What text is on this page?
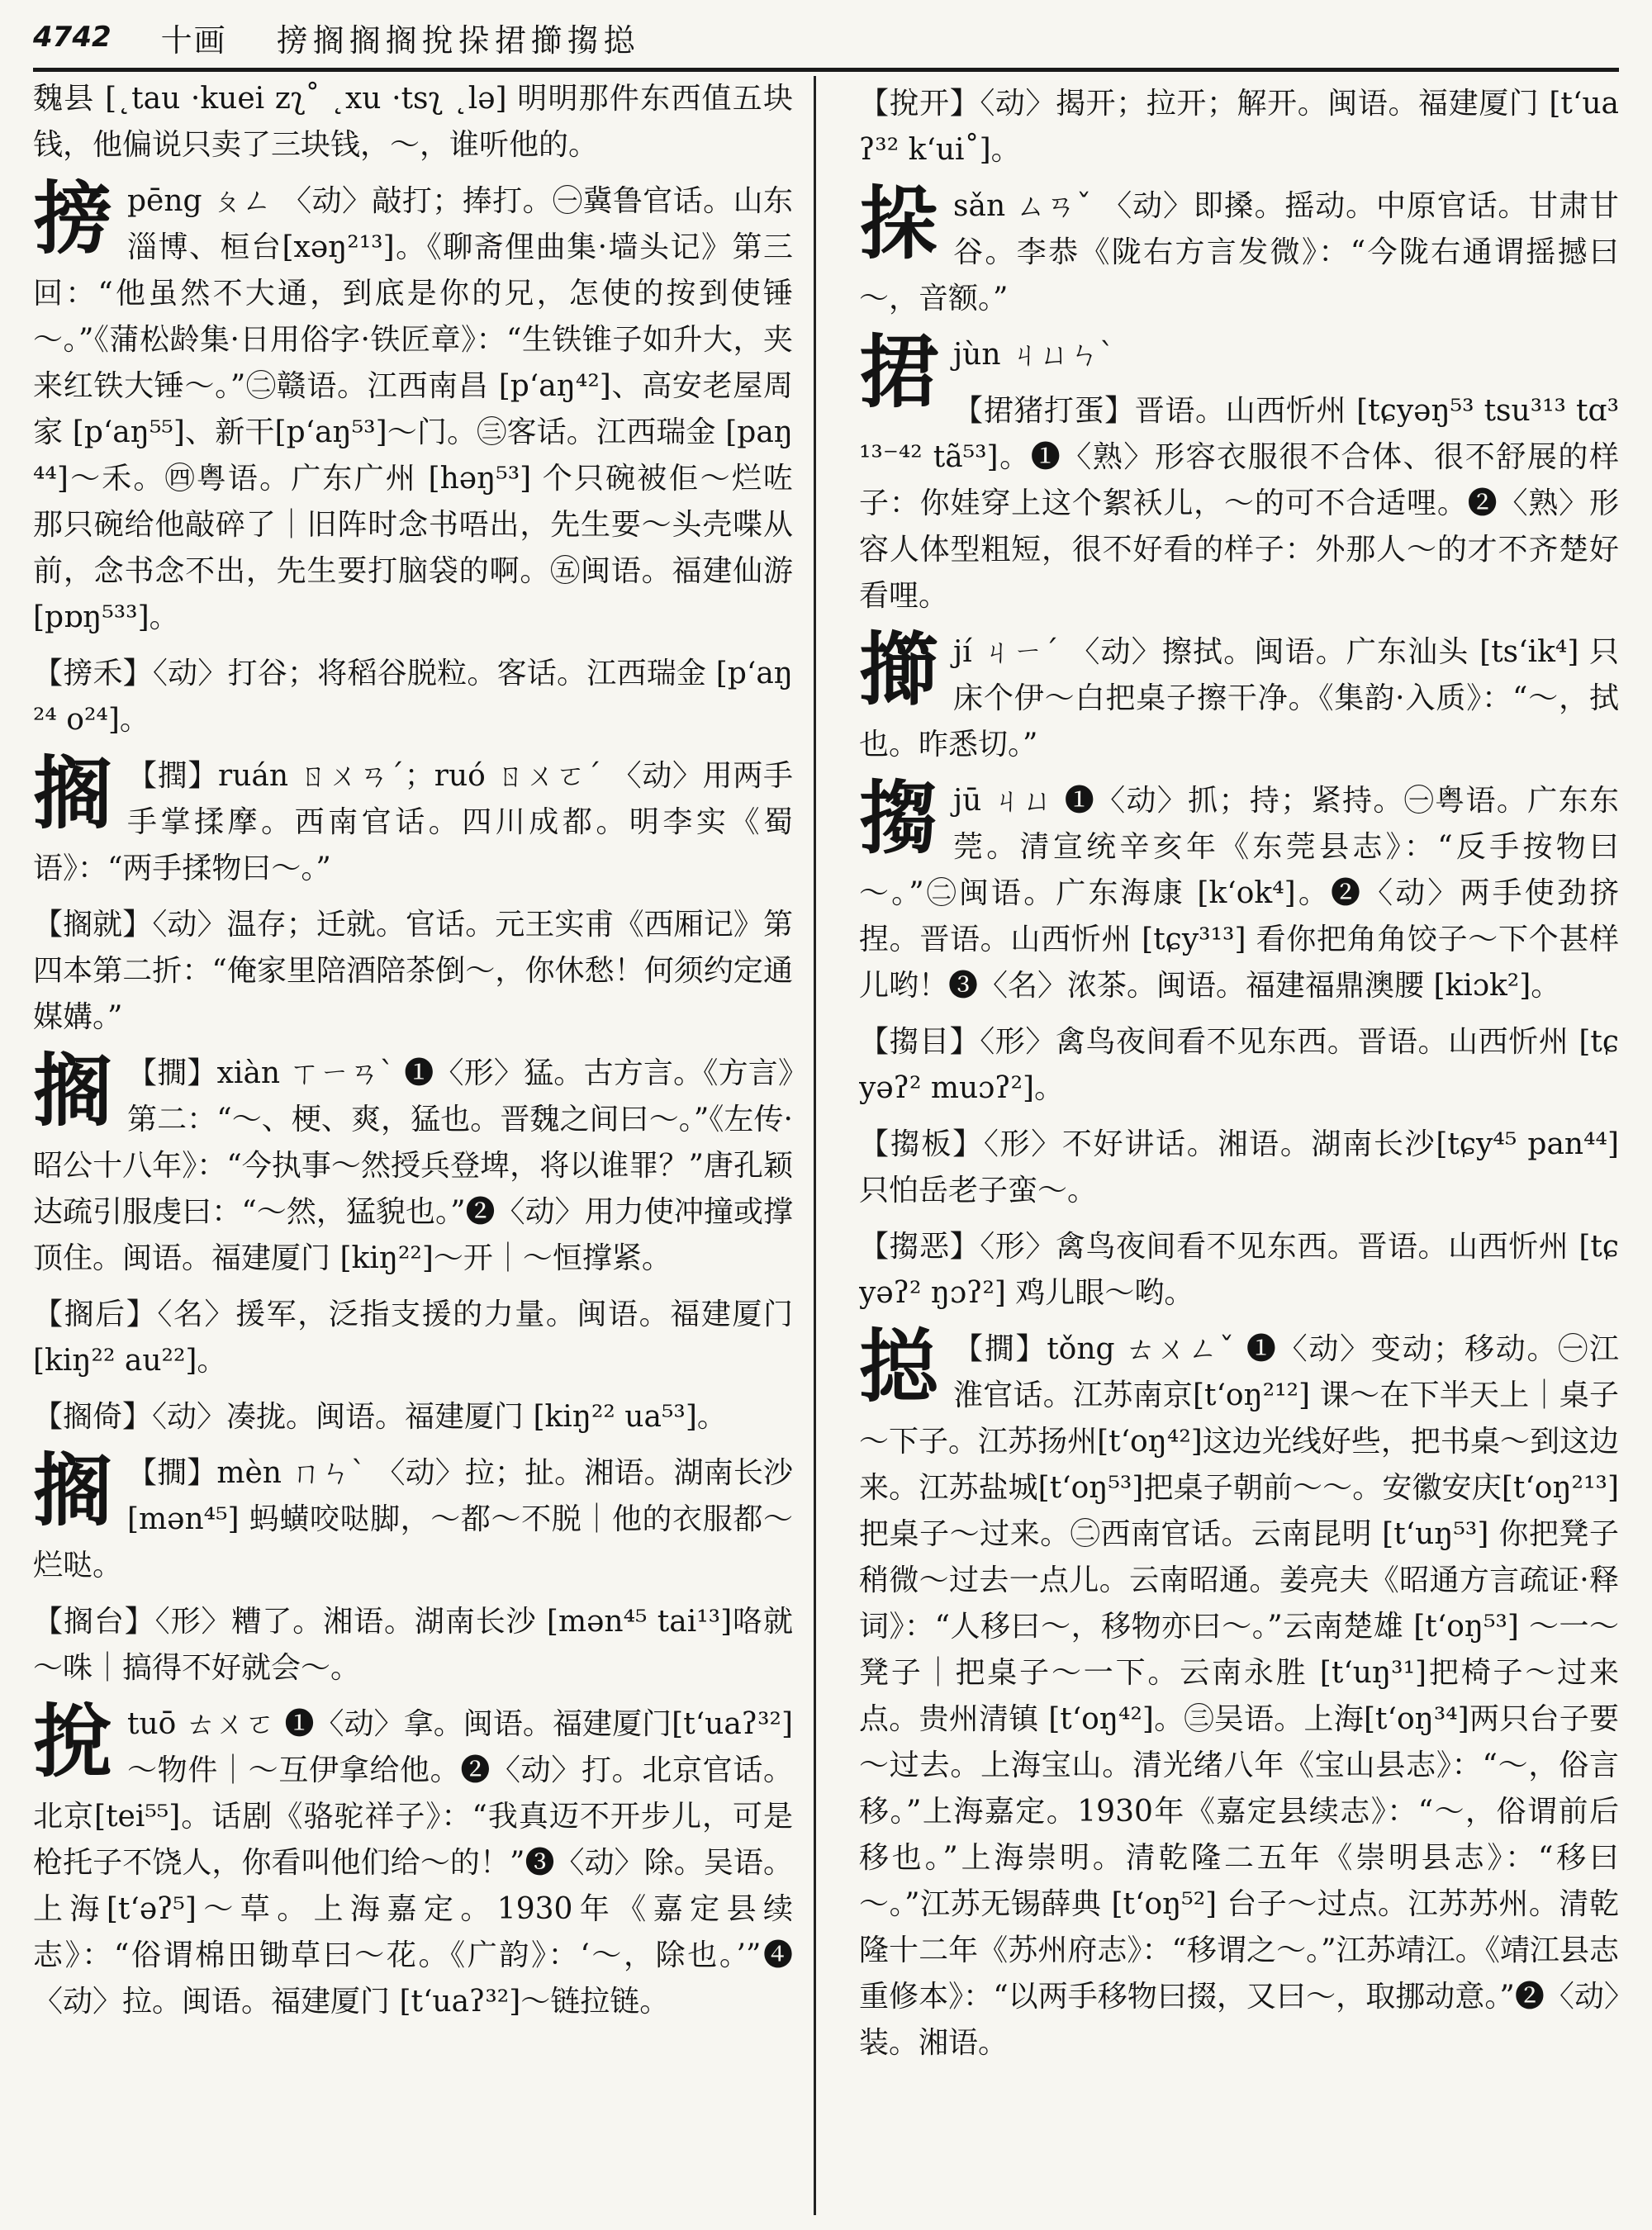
4742 十画 搒搁搁搁挩挆捃擳搊搃
魏县 [˛tau ·kuei zʅ˚ ˛xu ·tsʅ ˛lə] 明明那件东西值五块钱，他偏说只卖了三块钱，～，谁听他的。
搒pēng ㄆㄥ 〈动〉敲打；捧打。㊀冀鲁官话。山东淄博、桓台[xəŋ²¹³]。《聊斋俚曲集·墙头记》第三回：“他虽然不大通，到底是你的兄，怎使的按到使锤～。”《蒲松龄集·日用俗字·铁匠章》：“生铁锥子如升大，夹来红铁大锤～。”㊁赣语。江西南昌 [pʻaŋ⁴²]、高安老屋周家 [pʻaŋ⁵⁵]、新干[pʻaŋ⁵³]～门。㊂客话。江西瑞金 [paŋ⁴⁴]～禾。㊃粤语。广东广州 [həŋ⁵³] 个只碗被佢～烂咗 那只碗给他敲碎了｜旧阵时念书唔出，先生要～头壳喋从前，念书念不出，先生要打脑袋的啊。㊄闽语。福建仙游[pɒŋ⁵³³]。
【搒禾】〈动〉打谷；将稻谷脱粒。客话。江西瑞金 [pʻaŋ²⁴ o²⁴]。
搁 【撋】ruán ㄖㄨㄢˊ；ruó ㄖㄨㄛˊ 〈动〉用两手手掌揉摩。西南官话。四川成都。明李实《蜀语》：“两手揉物曰～。”
【搁就】〈动〉温存；迁就。官话。元王实甫《西厢记》第四本第二折：“俺家里陪酒陪茶倒～，你休愁！何须约定通媒媾。”
搁 【撊】xiàn ㄒㄧㄢˋ ❶〈形〉猛。古方言。《方言》第二：“～、梗、爽，猛也。晋魏之间曰～。”《左传·昭公十八年》：“今执事～然授兵登埤，将以谁罪？”唐孔颖达疏引服虔曰：“～然，猛貌也。”❷〈动〉用力使冲撞或撑顶住。闽语。福建厦门 [kiŋ²²]～开｜～恒撑紧。
【搁后】〈名〉援军，泛指支援的力量。闽语。福建厦门 [kiŋ²² au²²]。
【搁倚】〈动〉凑拢。闽语。福建厦门 [kiŋ²² ua⁵³]。
搁 【撊】mèn ㄇㄣˋ 〈动〉拉；扯。湘语。湖南长沙 [mən⁴⁵] 蚂蟥咬哒脚，～都～不脱｜他的衣服都～烂哒。
【搁台】〈形〉糟了。湘语。湖南长沙 [mən⁴⁵ tai¹³]咯就～咮｜搞得不好就会～。
挩tuō ㄊㄨㄛ ❶〈动〉拿。闽语。福建厦门[tʻuaʔ³²]～物件｜～互伊拿给他。❷〈动〉打。北京官话。北京[tei⁵⁵]。话剧《骆驼祥子》：“我真迈不开步儿，可是枪托子不饶人，你看叫他们给～的！”❸〈动〉除。吴语。上海[tʻəʔ⁵]～草。上海嘉定。1930年《嘉定县续志》：“俗谓棉田锄草曰～花。《广韵》：‘～，除也。’”❹〈动〉拉。闽语。福建厦门 [tʻuaʔ³²]～链拉链。
【挩开】〈动〉揭开；拉开；解开。闽语。福建厦门 [tʻuaʔ³² kʻui˚]。
挆sǎn ㄙㄢˇ 〈动〉即搡。摇动。中原官话。甘肃甘谷。李恭《陇右方言发微》：“今陇右通谓摇撼曰～，音额。”
捃jùn ㄐㄩㄣˋ
【捃猪打蛋】晋语。山西忻州 [tɕyəŋ⁵³ tsu³¹³ tɑ³¹³⁻⁴² tã⁵³]。❶〈熟〉形容衣服很不合体、很不舒展的样子：你娃穿上这个絮袄儿，～的可不合适哩。❷〈熟〉形容人体型粗短，很不好看的样子：外那人～的才不齐楚好看哩。
擳jí ㄐㄧˊ 〈动〉擦拭。闽语。广东汕头 [tsʻik⁴] 只床个伊～白把桌子擦干净。《集韵·入质》：“～，拭也。昨悉切。”
搊jū ㄐㄩ ❶〈动〉抓；持；紧持。㊀粤语。广东东莞。清宣统辛亥年《东莞县志》：“反手按物曰～。”㊁闽语。广东海康 [kʻok⁴]。❷〈动〉两手使劲挤捏。晋语。山西忻州 [tɕy³¹³] 看你把角角饺子～下个甚样儿哟！❸〈名〉浓茶。闽语。福建福鼎澳腰 [kiɔk²]。
【搊目】〈形〉禽鸟夜间看不见东西。晋语。山西忻州 [tɕyəʔ² muɔʔ²]。
【搊板】〈形〉不好讲话。湘语。湖南长沙[tɕy⁴⁵ pan⁴⁴] 只怕岳老子蛮～。
【搊恶】〈形〉禽鸟夜间看不见东西。晋语。山西忻州 [tɕyəʔ² ŋɔʔ²] 鸡儿眼～哟。
搃 【撊】tǒng ㄊㄨㄥˇ ❶〈动〉变动；移动。㊀江淮官话。江苏南京[tʻoŋ²¹²] 课～在下半天上｜桌子～下子。江苏扬州[tʻoŋ⁴²]这边光线好些，把书桌～到这边来。江苏盐城[tʻoŋ⁵³]把桌子朝前～～。安徽安庆[tʻoŋ²¹³]把桌子～过来。㊁西南官话。云南昆明 [tʻuŋ⁵³] 你把凳子稍微～过去一点儿。云南昭通。姜亮夫《昭通方言疏证·释词》：“人移曰～，移物亦曰～。”云南楚雄 [tʻoŋ⁵³] ～一～凳子｜把桌子～一下。云南永胜 [tʻuŋ³¹]把椅子～过来点。贵州清镇 [tʻoŋ⁴²]。㊂吴语。上海[tʻoŋ³⁴]两只台子要～过去。上海宝山。清光绪八年《宝山县志》：“～，俗言移。”上海嘉定。1930年《嘉定县续志》：“～，俗谓前后移也。”上海崇明。清乾隆二五年《崇明县志》：“移曰～。”江苏无锡薛典 [tʻoŋ⁵²] 台子～过点。江苏苏州。清乾隆十二年《苏州府志》：“移谓之～。”江苏靖江。《靖江县志重修本》：“以两手移物曰掇，又曰～，取挪动意。”❷〈动〉装。湘语。
